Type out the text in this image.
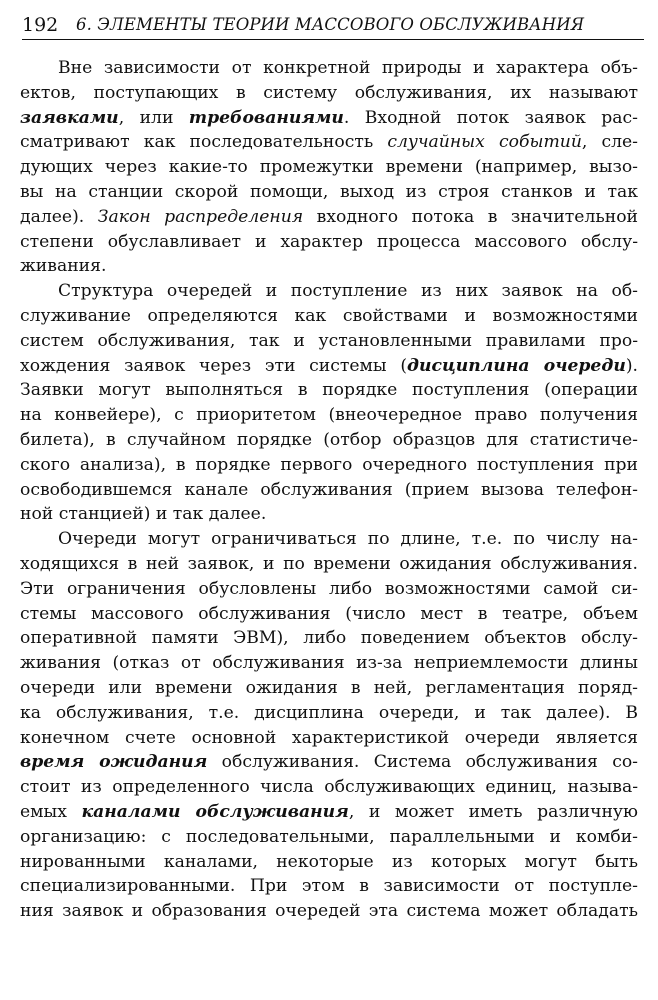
192 6. ЭЛЕМЕНТЫ ТЕОРИИ МАССОВОГО ОБСЛУЖИВАНИЯ
Вне зависимости от конкретной природы и характера объ-
ектов, поступающих в систему обслуживания, их называют
заявками, или требованиями. Входной поток заявок рас-
сматривают как последовательность случайных событий, сле-
дующих через какие-то промежутки времени (например, вызо-
вы на станции скорой помощи, выход из строя станков и так
далее). Закон распределения входного потока в значительной
степени обуславливает и характер процесса массового обслу-
живания.
Структура очередей и поступление из них заявок на об-
служивание определяются как свойствами и возможностями
систем обслуживания, так и установленными правилами про-
хождения заявок через эти системы (дисциплина очереди).
Заявки могут выполняться в порядке поступления (операции
на конвейере), с приоритетом (внеочередное право получения
билета), в случайном порядке (отбор образцов для статистиче-
ского анализа), в порядке первого очередного поступления при
освободившемся канале обслуживания (прием вызова телефон-
ной станцией) и так далее.
Очереди могут ограничиваться по длине, т.е. по числу на-
ходящихся в ней заявок, и по времени ожидания обслуживания.
Эти ограничения обусловлены либо возможностями самой си-
стемы массового обслуживания (число мест в театре, объем
оперативной памяти ЭВМ), либо поведением объектов обслу-
живания (отказ от обслуживания из-за неприемлемости длины
очереди или времени ожидания в ней, регламентация поряд-
ка обслуживания, т.е. дисциплина очереди, и так далее). В
конечном счете основной характеристикой очереди является
время ожидания обслуживания. Система обслуживания со-
стоит из определенного числа обслуживающих единиц, называ-
емых каналами обслуживания, и может иметь различную
организацию: с последовательными, параллельными и комби-
нированными каналами, некоторые из которых могут быть
специализированными. При этом в зависимости от поступле-
ния заявок и образования очередей эта система может обладать
